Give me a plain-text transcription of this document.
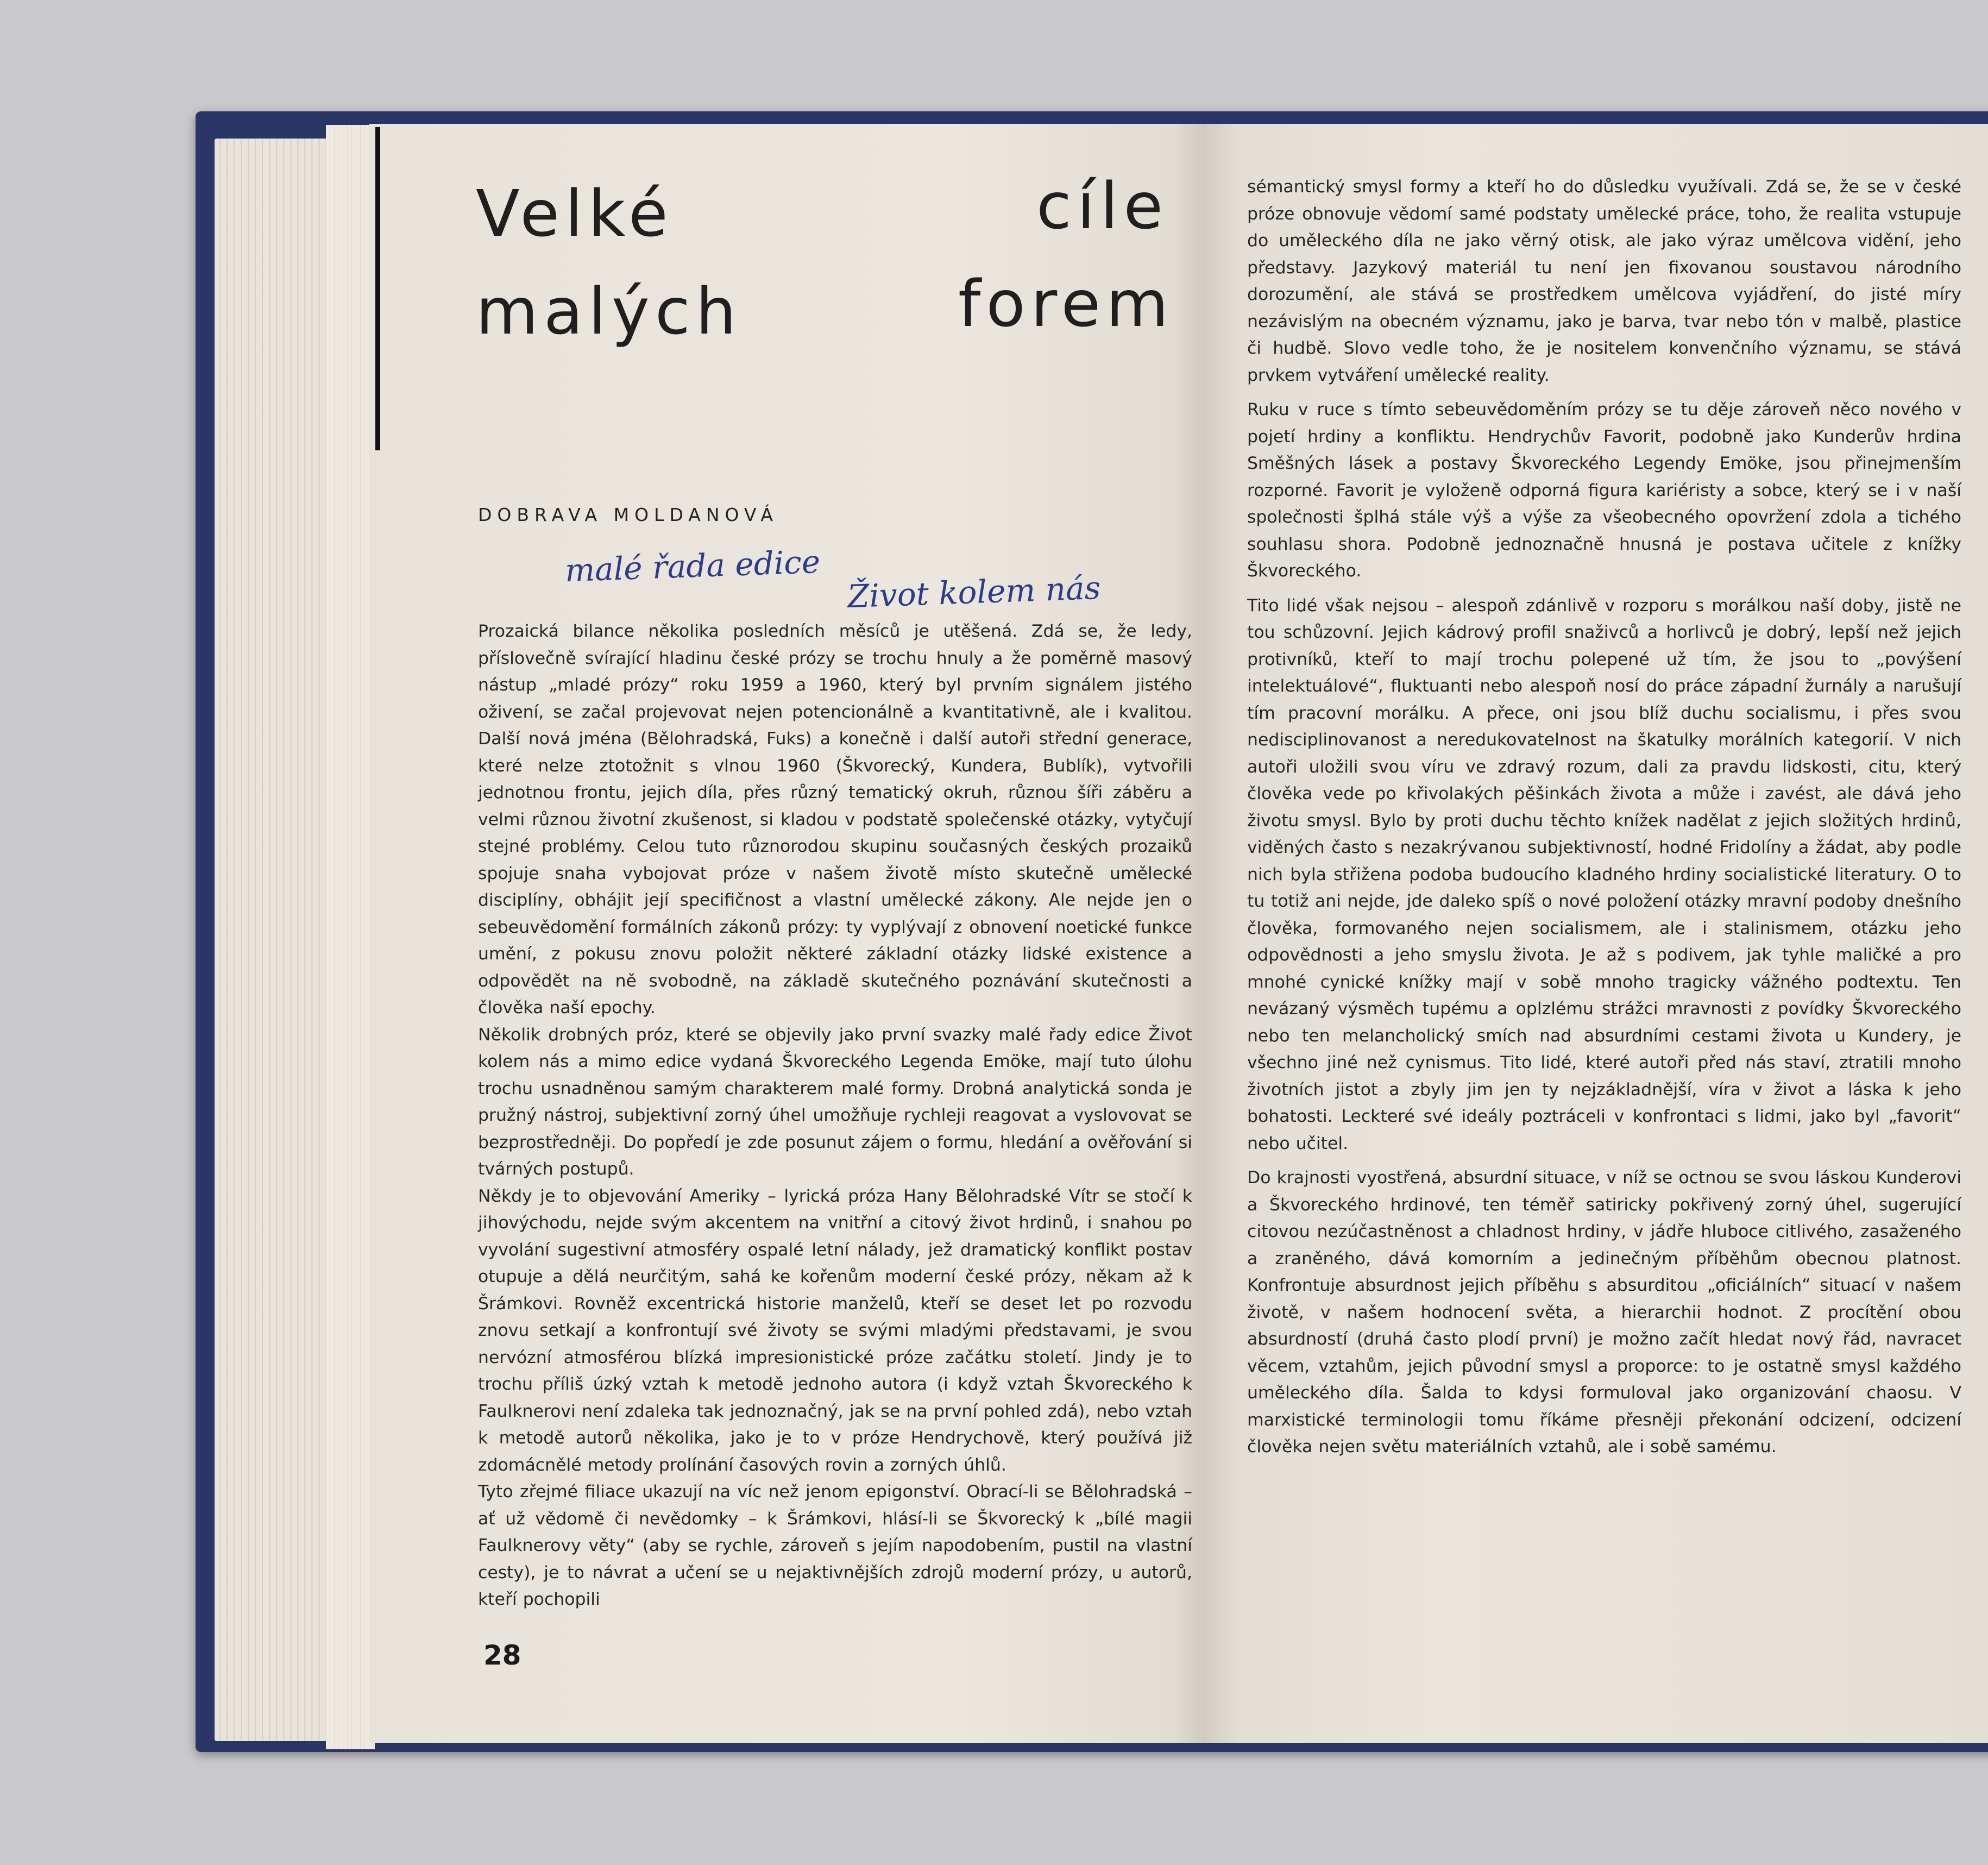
Velké	cíle
malých	forem

DOBRAVA MOLDANOVÁ

malé řada edice

Život kolem nás

Prozaická bilance několika posledních měsíců je utěšená. Zdá se, že ledy, příslovečně svírající hladinu české prózy se trochu hnuly a že poměrně masový nástup „mladé prózy“ roku 1959 a 1960, který byl prvním signálem jistého oživení, se začal projevovat nejen potencionálně a kvantitativně, ale i kvalitou. Další nová jména (Bělohradská, Fuks) a konečně i další autoři střední generace, které nelze ztotožnit s vlnou 1960 (Škvorecký, Kundera, Bublík), vytvořili jednotnou frontu, jejich díla, přes různý tematický okruh, různou šíři záběru a velmi různou životní zkušenost, si kladou v podstatě společenské otázky, vytyčují stejné problémy. Celou tuto různorodou skupinu současných českých prozaiků spojuje snaha vybojovat próze v našem životě místo skutečně umělecké disciplíny, obhájit její specifičnost a vlastní umělecké zákony. Ale nejde jen o sebeuvědomění formálních zákonů prózy: ty vyplývají z obnovení noetické funkce umění, z pokusu znovu položit některé základní otázky lidské existence a odpovědět na ně svobodně, na základě skutečného poznávání skutečnosti a člověka naší epochy.

Několik drobných próz, které se objevily jako první svazky malé řady edice Život kolem nás a mimo edice vydaná Škvoreckého Legenda Emöke, mají tuto úlohu trochu usnadněnou samým charakterem malé formy. Drobná analytická sonda je pružný nástroj, subjektivní zorný úhel umožňuje rychleji reagovat a vyslovovat se bezprostředněji. Do popředí je zde posunut zájem o formu, hledání a ověřování si tvárných postupů.

Někdy je to objevování Ameriky – lyrická próza Hany Bělohradské Vítr se stočí k jihovýchodu, nejde svým akcentem na vnitřní a citový život hrdinů, i snahou po vyvolání sugestivní atmosféry ospalé letní nálady, jež dramatický konflikt postav otupuje a dělá neurčitým, sahá ke kořenům moderní české prózy, někam až k Šrámkovi. Rovněž excentrická historie manželů, kteří se deset let po rozvodu znovu setkají a konfrontují své životy se svými mladými představami, je svou nervózní atmosférou blízká impresionistické próze začátku století. Jindy je to trochu příliš úzký vztah k metodě jednoho autora (i když vztah Škvoreckého k Faulknerovi není zdaleka tak jednoznačný, jak se na první pohled zdá), nebo vztah k metodě autorů několika, jako je to v próze Hendrychově, který používá již zdomácnělé metody prolínání časových rovin a zorných úhlů.

Tyto zřejmé filiace ukazují na víc než jenom epigonství. Obrací-li se Bělohradská – ať už vědomě či nevědomky – k Šrámkovi, hlásí-li se Škvorecký k „bílé magii Faulknerovy věty“ (aby se rychle, zároveň s jejím napodobením, pustil na vlastní cesty), je to návrat a učení se u nejaktivnějších zdrojů moderní prózy, u autorů, kteří pochopili

28

sémantický smysl formy a kteří ho do důsledku využívali. Zdá se, že se v české próze obnovuje vědomí samé podstaty umělecké práce, toho, že realita vstupuje do uměleckého díla ne jako věrný otisk, ale jako výraz umělcova vidění, jeho představy. Jazykový materiál tu není jen fixovanou soustavou národního dorozumění, ale stává se prostředkem umělcova vyjádření, do jisté míry nezávislým na obecném významu, jako je barva, tvar nebo tón v malbě, plastice či hudbě. Slovo vedle toho, že je nositelem konvenčního významu, se stává prvkem vytváření umělecké reality.

Ruku v ruce s tímto sebeuvědoměním prózy se tu děje zároveň něco nového v pojetí hrdiny a konfliktu. Hendrychův Favorit, podobně jako Kunderův hrdina Směšných lásek a postavy Škvoreckého Legendy Emöke, jsou přinejmenším rozporné. Favorit je vyloženě odporná figura kariéristy a sobce, který se i v naší společnosti šplhá stále výš a výše za všeobecného opovržení zdola a tichého souhlasu shora. Podobně jednoznačně hnusná je postava učitele z knížky Škvoreckého.

Tito lidé však nejsou – alespoň zdánlivě v rozporu s morálkou naší doby, jistě ne tou schůzovní. Jejich kádrový profil snaživců a horlivců je dobrý, lepší než jejich protivníků, kteří to mají trochu polepené už tím, že jsou to „povýšení intelektuálové“, fluktuanti nebo alespoň nosí do práce západní žurnály a narušují tím pracovní morálku. A přece, oni jsou blíž duchu socialismu, i přes svou nedisciplinovanost a neredukovatelnost na škatulky morálních kategorií. V nich autoři uložili svou víru ve zdravý rozum, dali za pravdu lidskosti, citu, který člověka vede po křivolakých pěšinkách života a může i zavést, ale dává jeho životu smysl. Bylo by proti duchu těchto knížek nadělat z jejich složitých hrdinů, viděných často s nezakrývanou subjektivností, hodné Fridolíny a žádat, aby podle nich byla střižena podoba budoucího kladného hrdiny socialistické literatury. O to tu totiž ani nejde, jde daleko spíš o nové položení otázky mravní podoby dnešního člověka, formovaného nejen socialismem, ale i stalinismem, otázku jeho odpovědnosti a jeho smyslu života. Je až s podivem, jak tyhle maličké a pro mnohé cynické knížky mají v sobě mnoho tragicky vážného podtextu. Ten nevázaný výsměch tupému a oplzlému strážci mravnosti z povídky Škvoreckého nebo ten melancholický smích nad absurdními cestami života u Kundery, je všechno jiné než cynismus. Tito lidé, které autoři před nás staví, ztratili mnoho životních jistot a zbyly jim jen ty nejzákladnější, víra v život a láska k jeho bohatosti. Leckteré své ideály poztráceli v konfrontaci s lidmi, jako byl „favorit“ nebo učitel.

Do krajnosti vyostřená, absurdní situace, v níž se octnou se svou láskou Kunderovi a Škvoreckého hrdinové, ten téměř satiricky pokřivený zorný úhel, sugerující citovou nezúčastněnost a chladnost hrdiny, v jádře hluboce citlivého, zasaženého a zraněného, dává komorním a jedinečným příběhům obecnou platnost. Konfrontuje absurdnost jejich příběhu s absurditou „oficiálních“ situací v našem životě, v našem hodnocení světa, a hierarchii hodnot. Z procítění obou absurdností (druhá často plodí první) je možno začít hledat nový řád, navracet věcem, vztahům, jejich původní smysl a proporce: to je ostatně smysl každého uměleckého díla. Šalda to kdysi formuloval jako organizování chaosu. V marxistické terminologii tomu říkáme přesněji překonání odcizení, odcizení člověka nejen světu materiálních vztahů, ale i sobě samému.
